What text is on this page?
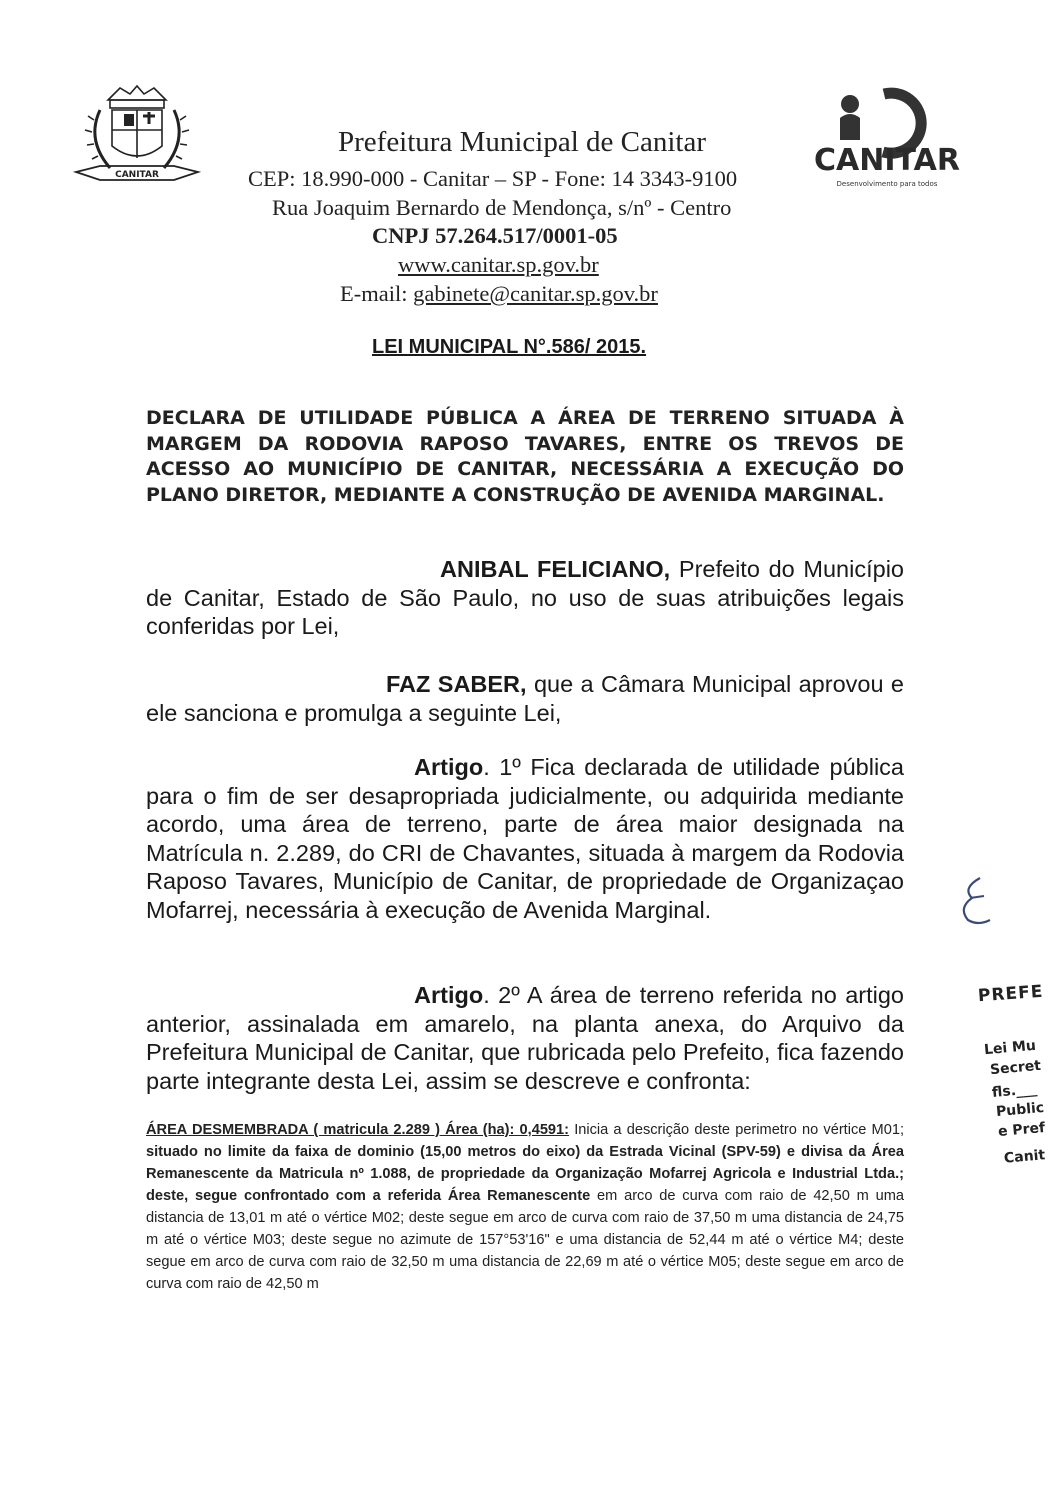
CANITAR	CANITAR
Desenvolvimento para todos
Prefeitura Municipal de Canitar
CEP: 18.990-000 - Canitar – SP - Fone: 14 3343-9100
Rua Joaquim Bernardo de Mendonça, s/nº - Centro
CNPJ 57.264.517/0001-05
www.canitar.sp.gov.br
E-mail: gabinete@canitar.sp.gov.br
LEI MUNICIPAL N°.586/ 2015.
DECLARA DE UTILIDADE PÚBLICA A ÁREA DE TERRENO SITUADA À MARGEM DA RODOVIA RAPOSO TAVARES, ENTRE OS TREVOS DE ACESSO AO MUNICÍPIO DE CANITAR, NECESSÁRIA A EXECUÇÃO DO
PLANO DIRETOR, MEDIANTE A CONSTRUÇÃO DE AVENIDA MARGINAL.
ANIBAL FELICIANO, Prefeito do Município de Canitar, Estado de São Paulo, no uso de suas atribuições legais conferidas por Lei,
FAZ SABER, que a Câmara Municipal aprovou e ele sanciona e promulga a seguinte Lei,
Artigo. 1º Fica declarada de utilidade pública para o fim de ser desapropriada judicialmente, ou adquirida mediante acordo, uma área de terreno, parte de área maior designada na Matrícula n. 2.289, do CRI de Chavantes, situada à margem da Rodovia Raposo Tavares, Município de Canitar, de propriedade de Organizaçao Mofarrej, necessária à execução de Avenida Marginal.
Artigo. 2º A área de terreno referida no artigo anterior, assinalada em amarelo, na planta anexa, do Arquivo da Prefeitura Municipal de Canitar, que rubricada pelo Prefeito, fica fazendo parte integrante desta Lei, assim se descreve e confronta:
ÁREA DESMEMBRADA ( matricula 2.289 ) Área (ha): 0,4591: Inicia a descrição deste perimetro no vértice M01; situado no limite da faixa de dominio (15,00 metros do eixo) da Estrada Vicinal (SPV-59) e divisa da Área Remanescente da Matricula nº 1.088, de propriedade da Organização Mofarrej Agricola e Industrial Ltda.; deste, segue confrontado com a referida Área Remanescente em arco de curva com raio de 42,50 m uma distancia de 13,01 m até o vértice M02; deste segue em arco de curva com raio de 37,50 m uma distancia de 24,75 m até o vértice M03; deste segue no azimute de 157°53'16" e uma distancia de 52,44 m até o vértice M4; deste segue em arco de curva com raio de 32,50 m uma distancia de 22,69 m até o vértice M05; deste segue em arco de curva com raio de 42,50 m
PREFE
Lei Mu
Secret
fls.___
Public
e Pref
Canit
